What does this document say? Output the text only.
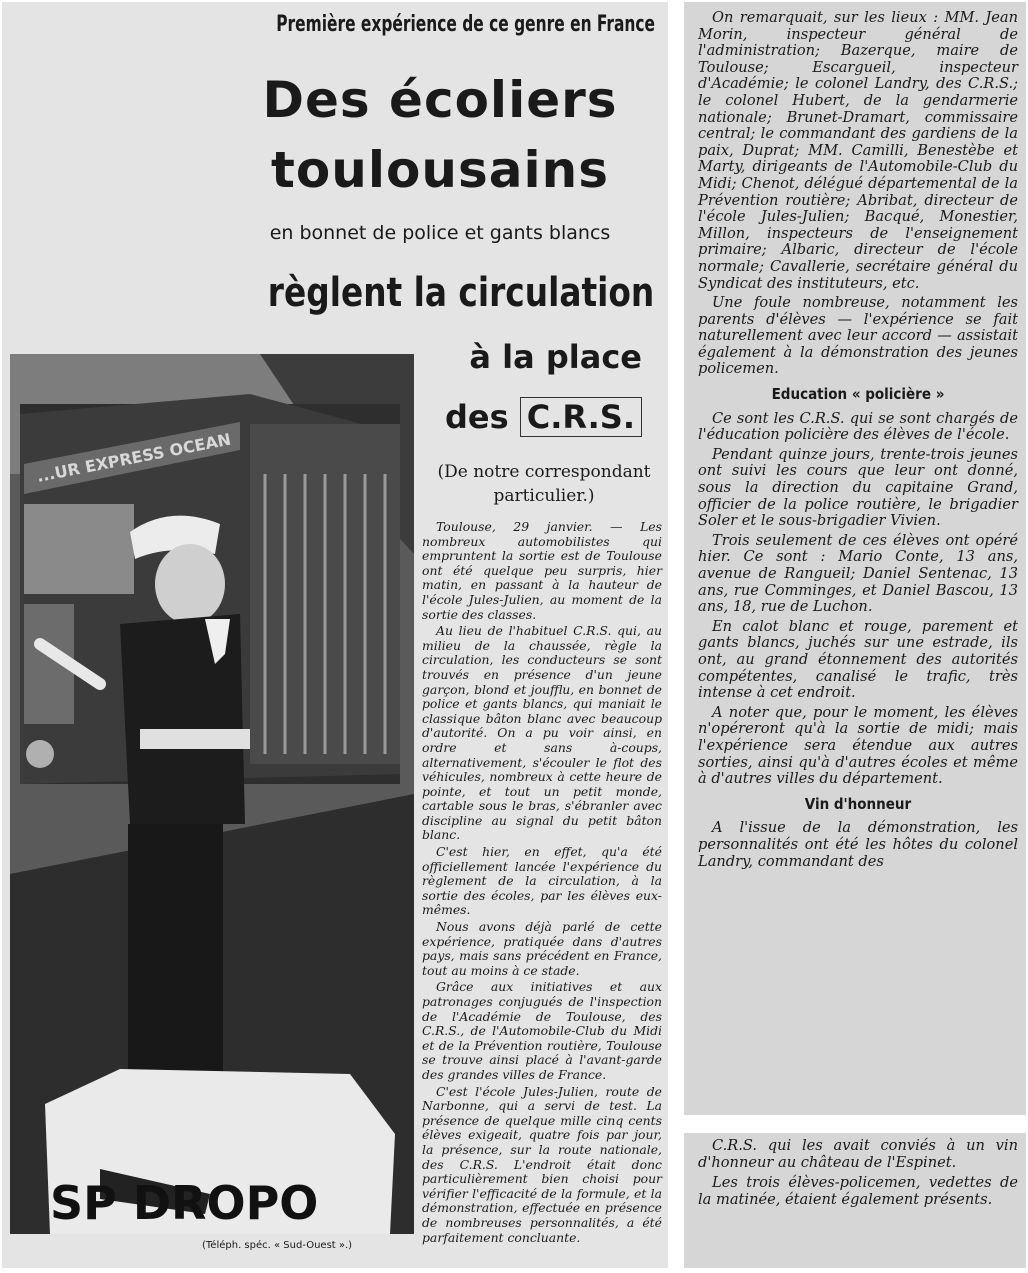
...UR EXPRESS OCEAN
SP DROPO
(Téléph. spéc. « Sud-Ouest ».)
Première expérience de ce genre en France
Des écoliers
toulousains
en bonnet de police et gants blancs
règlent la circulation
à la place
des C.R.S.
(De notre correspondant
particulier.)

Toulouse, 29 janvier. — Les nombreux automobilistes qui empruntent la sortie est de Toulouse ont été quelque peu surpris, hier matin, en passant à la hauteur de l'école Jules-Julien, au moment de la sortie des classes.

Au lieu de l'habituel C.R.S. qui, au milieu de la chaussée, règle la circulation, les conducteurs se sont trouvés en présence d'un jeune garçon, blond et joufflu, en bonnet de police et gants blancs, qui maniait le classique bâton blanc avec beaucoup d'autorité. On a pu voir ainsi, en ordre et sans à-coups, alternativement, s'écouler le flot des véhicules, nombreux à cette heure de pointe, et tout un petit monde, cartable sous le bras, s'ébranler avec discipline au signal du petit bâton blanc.

C'est hier, en effet, qu'a été officiellement lancée l'expérience du règlement de la circulation, à la sortie des écoles, par les élèves eux-mêmes.

Nous avons déjà parlé de cette expérience, pratiquée dans d'autres pays, mais sans précédent en France, tout au moins à ce stade.

Grâce aux initiatives et aux patronages conjugués de l'inspection de l'Académie de Toulouse, des C.R.S., de l'Automobile-Club du Midi et de la Prévention routière, Toulouse se trouve ainsi placé à l'avant-garde des grandes villes de France.

C'est l'école Jules-Julien, route de Narbonne, qui a servi de test. La présence de quelque mille cinq cents élèves exigeait, quatre fois par jour, la présence, sur la route nationale, des C.R.S. L'endroit était donc particulièrement bien choisi pour vérifier l'efficacité de la formule, et la démonstration, effectuée en présence de nombreuses personnalités, a été parfaitement concluante.

On remarquait, sur les lieux : MM. Jean Morin, inspecteur général de l'administration; Bazerque, maire de Toulouse; Escargueil, inspecteur d'Académie; le colonel Landry, des C.R.S.; le colonel Hubert, de la gendarmerie nationale; Brunet-Dramart, commissaire central; le commandant des gardiens de la paix, Duprat; MM. Camilli, Benestèbe et Marty, dirigeants de l'Automobile-Club du Midi; Chenot, délégué départemental de la Prévention routière; Abribat, directeur de l'école Jules-Julien; Bacqué, Monestier, Millon, inspecteurs de l'enseignement primaire; Albaric, directeur de l'école normale; Cavallerie, secrétaire général du Syndicat des instituteurs, etc.

Une foule nombreuse, notamment les parents d'élèves — l'expérience se fait naturellement avec leur accord — assistait également à la démonstration des jeunes policemen.

Education « policière »

Ce sont les C.R.S. qui se sont chargés de l'éducation policière des élèves de l'école.

Pendant quinze jours, trente-trois jeunes ont suivi les cours que leur ont donné, sous la direction du capitaine Grand, officier de la police routière, le brigadier Soler et le sous-brigadier Vivien.

Trois seulement de ces élèves ont opéré hier. Ce sont : Mario Conte, 13 ans, avenue de Rangueil; Daniel Sentenac, 13 ans, rue Comminges, et Daniel Bascou, 13 ans, 18, rue de Luchon.

En calot blanc et rouge, parement et gants blancs, juchés sur une estrade, ils ont, au grand étonnement des autorités compétentes, canalisé le trafic, très intense à cet endroit.

A noter que, pour le moment, les élèves n'opéreront qu'à la sortie de midi; mais l'expérience sera étendue aux autres sorties, ainsi qu'à d'autres écoles et même à d'autres villes du département.

Vin d'honneur

A l'issue de la démonstration, les personnalités ont été les hôtes du colonel Landry, commandant des

C.R.S. qui les avait conviés à un vin d'honneur au château de l'Espinet.

Les trois élèves-policemen, vedettes de la matinée, étaient également présents.
